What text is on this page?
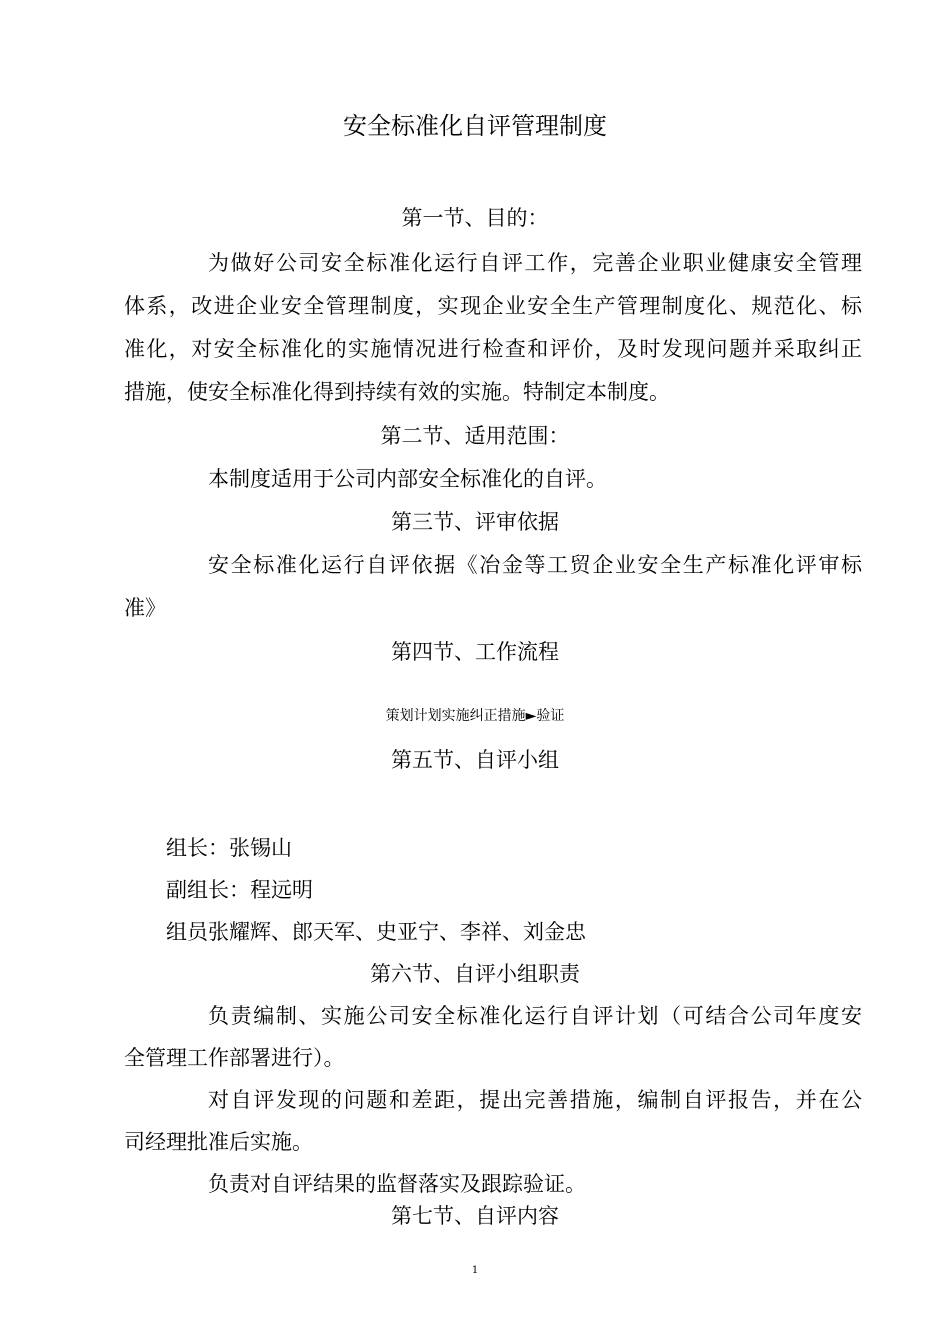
安全标准化自评管理制度
第一节、目的：
为做好公司安全标准化运行自评工作，完善企业职业健康安全管理
体系，改进企业安全管理制度，实现企业安全生产管理制度化、规范化、标
准化，对安全标准化的实施情况进行检查和评价，及时发现问题并采取纠正
措施，使安全标准化得到持续有效的实施。特制定本制度。
第二节、适用范围：
本制度适用于公司内部安全标准化的自评。
第三节、评审依据
安全标准化运行自评依据《冶金等工贸企业安全生产标准化评审标
准》
第四节、工作流程
策划计划实施纠正措施►验证
第五节、自评小组
组长：张锡山
副组长：程远明
组员张耀辉、郎天军、史亚宁、李祥、刘金忠
第六节、自评小组职责
负责编制、实施公司安全标准化运行自评计划（可结合公司年度安
全管理工作部署进行）。
对自评发现的问题和差距，提出完善措施，编制自评报告，并在公
司经理批准后实施。
负责对自评结果的监督落实及跟踪验证。
第七节、自评内容
1
